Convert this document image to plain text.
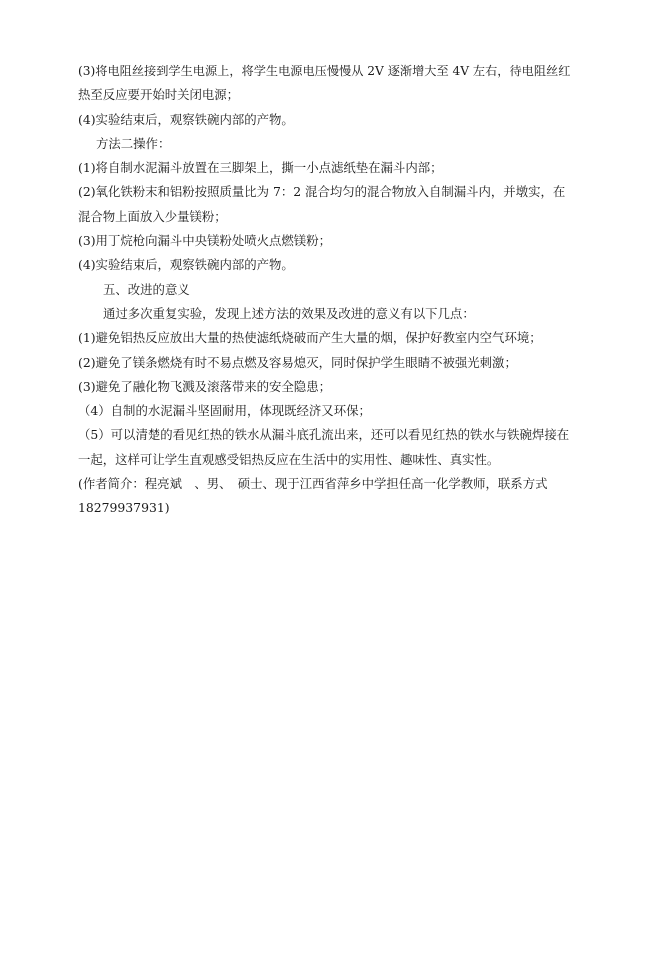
(3)将电阻丝接到学生电源上，将学生电源电压慢慢从 2V 逐渐增大至 4V 左右，待电阻丝红
热至反应要开始时关闭电源；
(4)实验结束后，观察铁碗内部的产物。
方法二操作：
(1)将自制水泥漏斗放置在三脚架上，撕一小点滤纸垫在漏斗内部；
(2)氧化铁粉末和铝粉按照质量比为 7：2 混合均匀的混合物放入自制漏斗内，并墩实，在
混合物上面放入少量镁粉；
(3)用丁烷枪向漏斗中央镁粉处喷火点燃镁粉；
(4)实验结束后，观察铁碗内部的产物。
五、改进的意义
通过多次重复实验，发现上述方法的效果及改进的意义有以下几点：
(1)避免铝热反应放出大量的热使滤纸烧破而产生大量的烟，保护好教室内空气环境；
(2)避免了镁条燃烧有时不易点燃及容易熄灭，同时保护学生眼睛不被强光刺激；
(3)避免了融化物飞溅及滚落带来的安全隐患；
（4）自制的水泥漏斗坚固耐用，体现既经济又环保；
（5）可以清楚的看见红热的铁水从漏斗底孔流出来，还可以看见红热的铁水与铁碗焊接在
一起，这样可让学生直观感受铝热反应在生活中的实用性、趣味性、真实性。
(作者简介：程亮斌　、男、　硕士、现于江西省萍乡中学担任高一化学教师，联系方式
18279937931)
